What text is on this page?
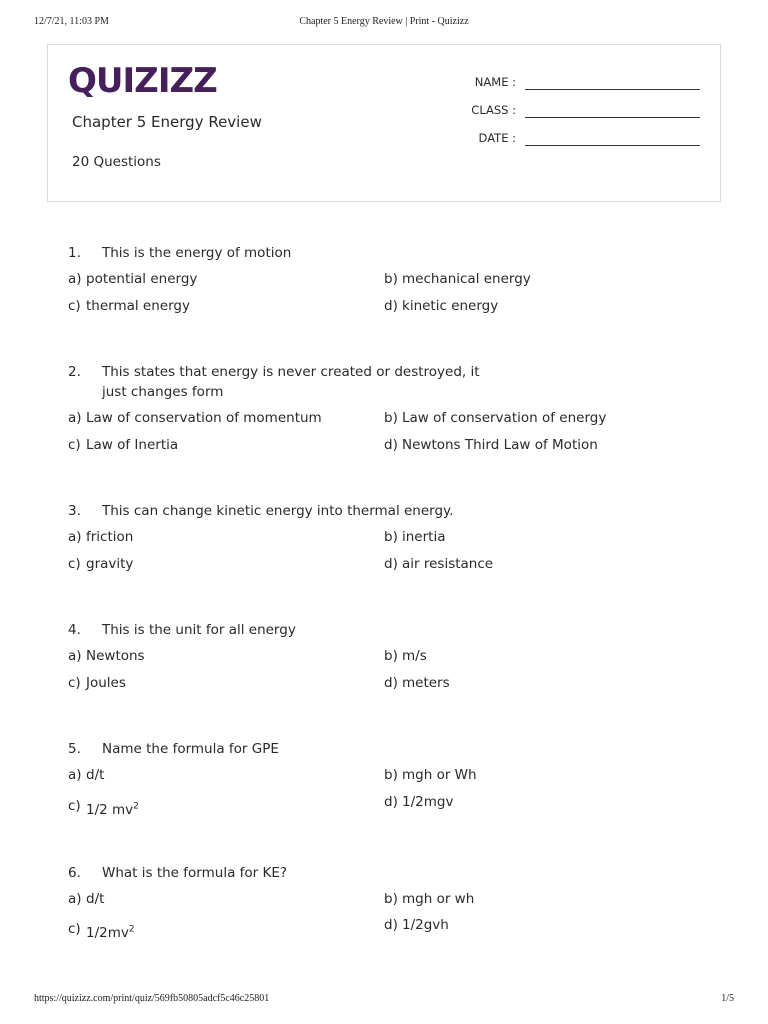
12/7/21, 11:03 PM	Chapter 5 Energy Review | Print - Quizizz
QUIZIZZ
Chapter 5 Energy Review
20 Questions
NAME :
CLASS :
DATE :
1. This is the energy of motion
a) potential energy	b) mechanical energy
c) thermal energy	d) kinetic energy
2. This states that energy is never created or destroyed, it just changes form
a) Law of conservation of momentum	b) Law of conservation of energy
c) Law of Inertia	d) Newtons Third Law of Motion
3. This can change kinetic energy into thermal energy.
a) friction	b) inertia
c) gravity	d) air resistance
4. This is the unit for all energy
a) Newtons	b) m/s
c) Joules	d) meters
5. Name the formula for GPE
a) d/t	b) mgh or Wh
c) 1/2 $mv^2$	d) 1/2mgv
6. What is the formula for KE?
a) d/t	b) mgh or wh
c) $1/2mv^2$	d) 1/2gvh
https://quizizz.com/print/quiz/569fb50805adcf5c46c25801	1/5
